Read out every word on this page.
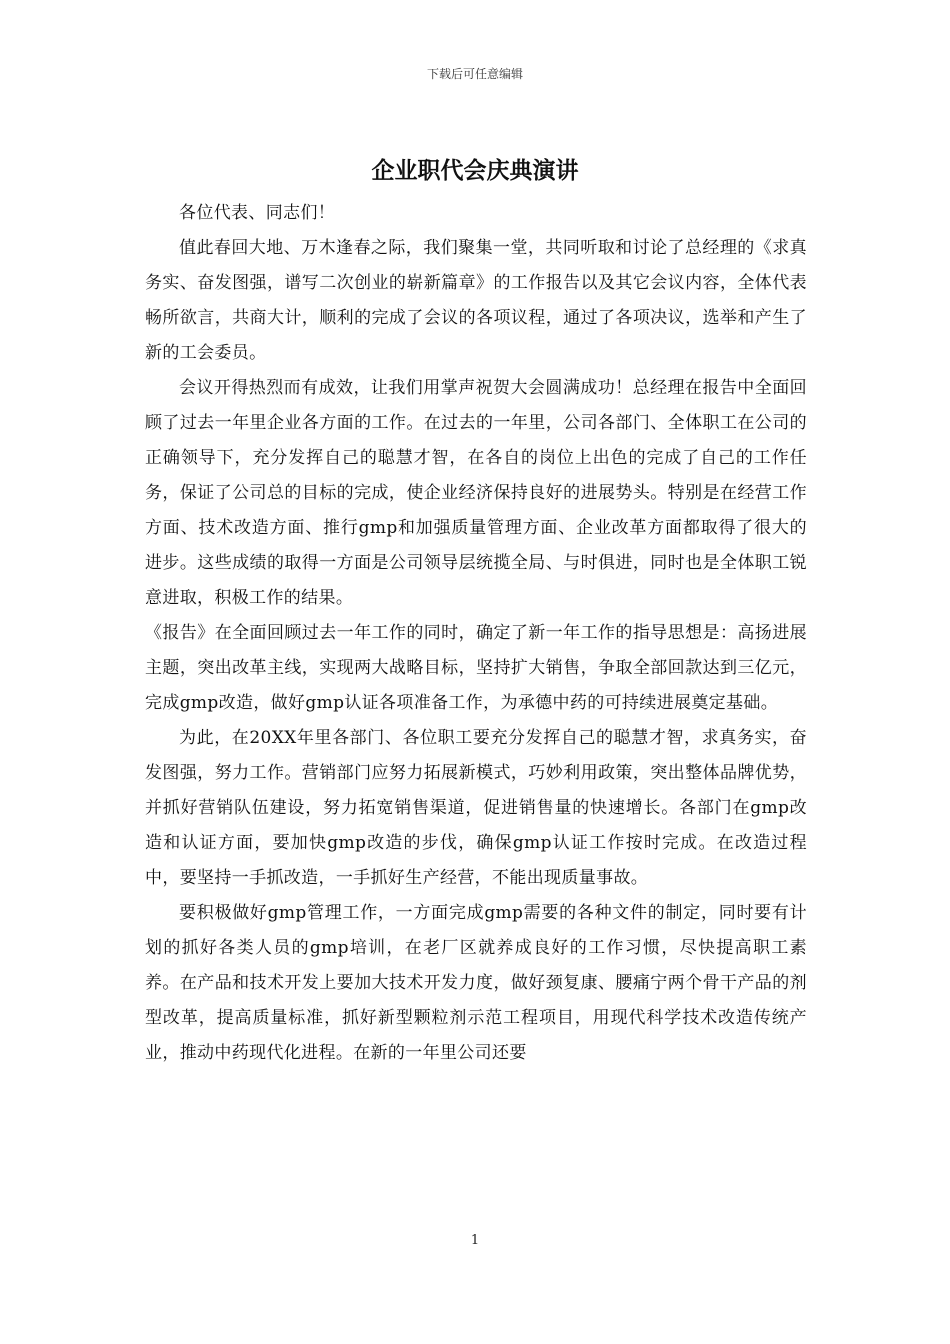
下载后可任意编辑
企业职代会庆典演讲

各位代表、同志们！

值此春回大地、万木逢春之际，我们聚集一堂，共同听取和讨论了总经理的《求真务实、奋发图强，谱写二次创业的崭新篇章》的工作报告以及其它会议内容，全体代表畅所欲言，共商大计，顺利的完成了会议的各项议程，通过了各项决议，选举和产生了新的工会委员。

会议开得热烈而有成效，让我们用掌声祝贺大会圆满成功！总经理在报告中全面回顾了过去一年里企业各方面的工作。在过去的一年里，公司各部门、全体职工在公司的正确领导下，充分发挥自己的聪慧才智，在各自的岗位上出色的完成了自己的工作任务，保证了公司总的目标的完成，使企业经济保持良好的进展势头。特别是在经营工作方面、技术改造方面、推行gmp和加强质量管理方面、企业改革方面都取得了很大的进步。这些成绩的取得一方面是公司领导层统揽全局、与时俱进，同时也是全体职工锐意进取，积极工作的结果。

《报告》在全面回顾过去一年工作的同时，确定了新一年工作的指导思想是：高扬进展主题，突出改革主线，实现两大战略目标，坚持扩大销售，争取全部回款达到三亿元，完成gmp改造，做好gmp认证各项准备工作，为承德中药的可持续进展奠定基础。

为此，在20XX年里各部门、各位职工要充分发挥自己的聪慧才智，求真务实，奋发图强，努力工作。营销部门应努力拓展新模式，巧妙利用政策，突出整体品牌优势，并抓好营销队伍建设，努力拓宽销售渠道，促进销售量的快速增长。各部门在gmp改造和认证方面，要加快gmp改造的步伐，确保gmp认证工作按时完成。在改造过程中，要坚持一手抓改造，一手抓好生产经营，不能出现质量事故。

要积极做好gmp管理工作，一方面完成gmp需要的各种文件的制定，同时要有计划的抓好各类人员的gmp培训，在老厂区就养成良好的工作习惯，尽快提高职工素养。在产品和技术开发上要加大技术开发力度，做好颈复康、腰痛宁两个骨干产品的剂型改革，提高质量标准，抓好新型颗粒剂示范工程项目，用现代科学技术改造传统产业，推动中药现代化进程。在新的一年里公司还要

1
